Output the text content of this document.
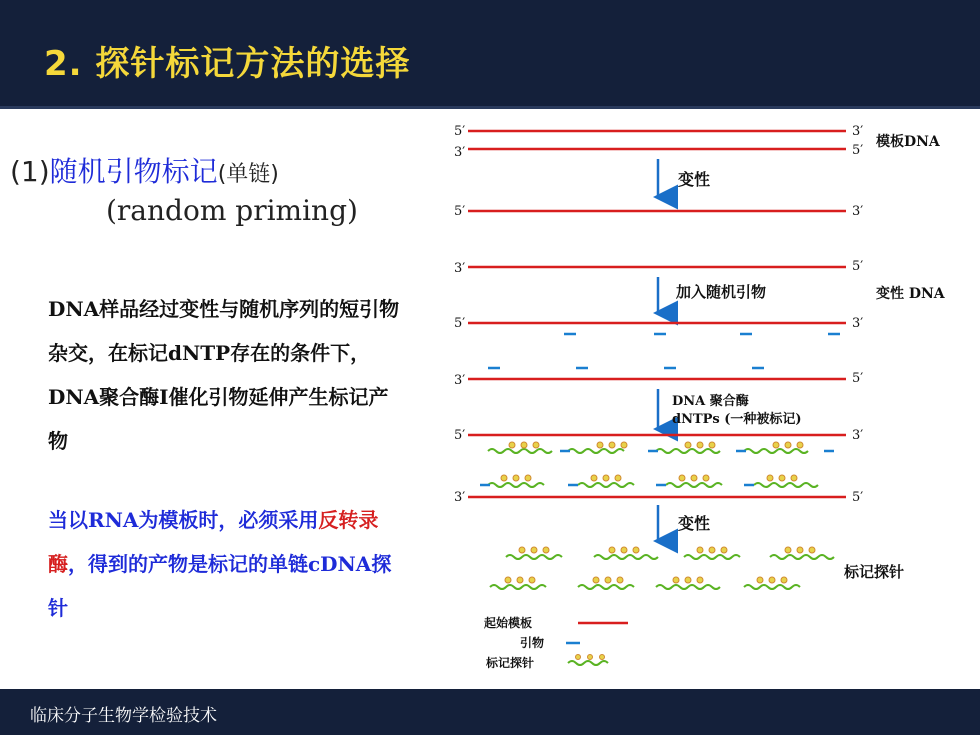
2. 探针标记方法的选择
(1)随机引物标记(单链)
(random priming)
DNA样品经过变性与随机序列的短引物杂交，在标记dNTP存在的条件下，DNA聚合酶Ⅰ催化引物延伸产生标记产物
当以RNA为模板时，必须采用反转录酶，得到的产物是标记的单链cDNA探针
5′	3′
3′	5′
模板DNA
变性
5′	3′
3′	5′
加入随机引物	变性 DNA
5′	3′
3′	5′
DNA 聚合酶
dNTPs (一种被标记)
5′	3′
3′	5′
变性
标记探针
起始模板
引物
标记探针
临床分子生物学检验技术
